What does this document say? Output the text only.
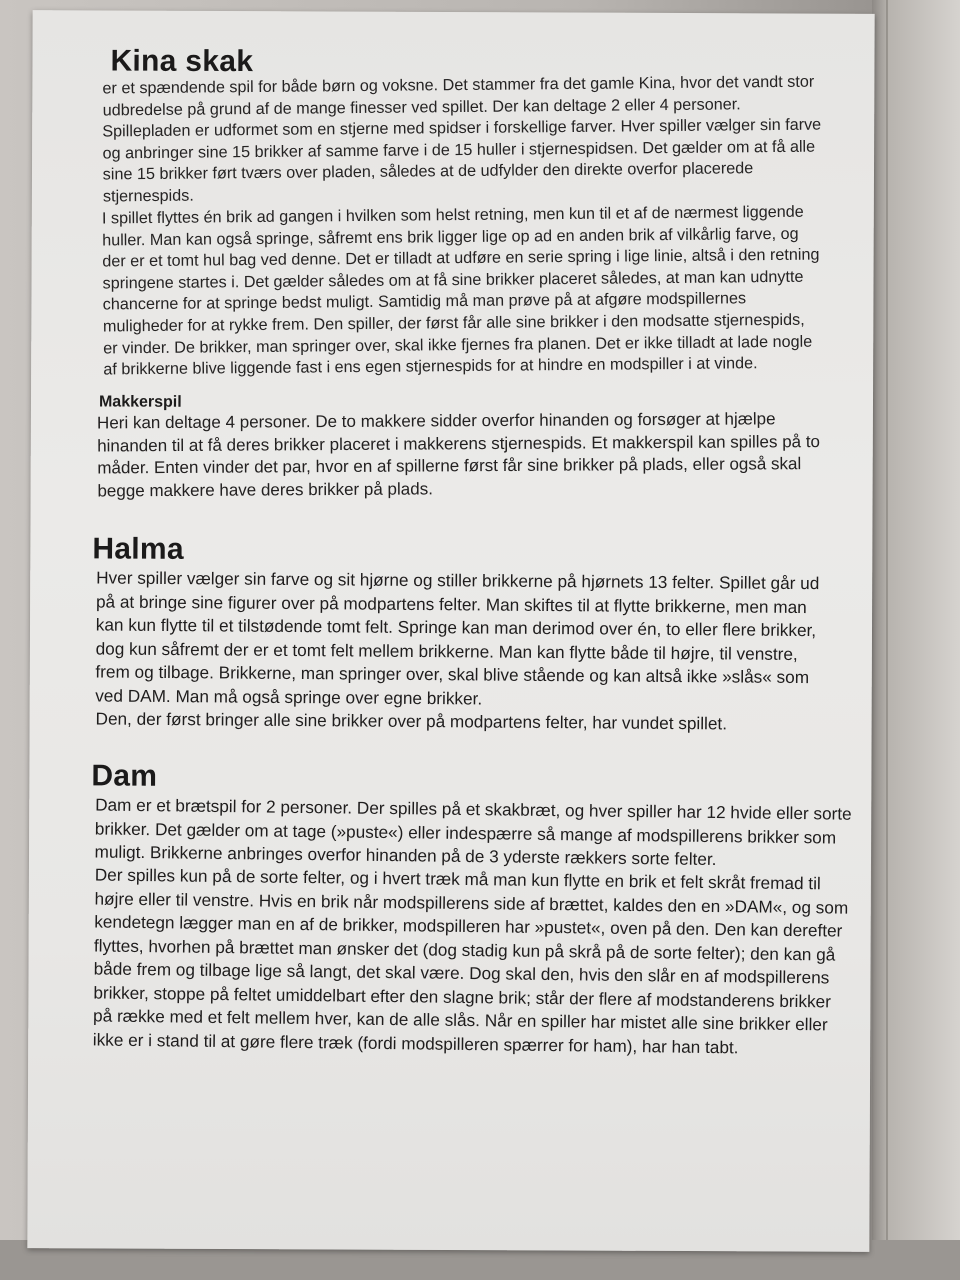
Kina skak

er et spændende spil for både børn og voksne. Det stammer fra det gamle Kina, hvor det vandt stor udbredelse på grund af de mange finesser ved spillet. Der kan deltage 2 eller 4 personer.

Spillepladen er udformet som en stjerne med spidser i forskellige farver. Hver spiller vælger sin farve og anbringer sine 15 brikker af samme farve i de 15 huller i stjernespidsen. Det gælder om at få alle sine 15 brikker ført tværs over pladen, således at de udfylder den direkte overfor placerede stjernespids.

I spillet flyttes én brik ad gangen i hvilken som helst retning, men kun til et af de nærmest liggende huller. Man kan også springe, såfremt ens brik ligger lige op ad en anden brik af vilkårlig farve, og der er et tomt hul bag ved denne. Det er tilladt at udføre en serie spring i lige linie, altså i den retning springene startes i. Det gælder således om at få sine brikker placeret således, at man kan udnytte chancerne for at springe bedst muligt. Samtidig må man prøve på at afgøre modspillernes muligheder for at rykke frem. Den spiller, der først får alle sine brikker i den modsatte stjernespids, er vinder. De brikker, man springer over, skal ikke fjernes fra planen. Det er ikke tilladt at lade nogle af brikkerne blive liggende fast i ens egen stjernespids for at hindre en modspiller i at vinde.

Makkerspil

Heri kan deltage 4 personer. De to makkere sidder overfor hinanden og forsøger at hjælpe hinanden til at få deres brikker placeret i makkerens stjernespids. Et makkerspil kan spilles på to måder. Enten vinder det par, hvor en af spillerne først får sine brikker på plads, eller også skal begge makkere have deres brikker på plads.

Halma

Hver spiller vælger sin farve og sit hjørne og stiller brikkerne på hjørnets 13 felter. Spillet går ud på at bringe sine figurer over på modpartens felter. Man skiftes til at flytte brikkerne, men man kan kun flytte til et tilstødende tomt felt. Springe kan man derimod over én, to eller flere brikker, dog kun såfremt der er et tomt felt mellem brikkerne. Man kan flytte både til højre, til venstre, frem og tilbage. Brikkerne, man springer over, skal blive stående og kan altså ikke »slås« som ved DAM. Man må også springe over egne brikker.

Den, der først bringer alle sine brikker over på modpartens felter, har vundet spillet.

Dam

Dam er et brætspil for 2 personer. Der spilles på et skakbræt, og hver spiller har 12 hvide eller sorte brikker. Det gælder om at tage (»puste«) eller indespærre så mange af modspillerens brikker som muligt. Brikkerne anbringes overfor hinanden på de 3 yderste rækkers sorte felter.

Der spilles kun på de sorte felter, og i hvert træk må man kun flytte en brik et felt skråt fremad til højre eller til venstre. Hvis en brik når modspillerens side af brættet, kaldes den en »DAM«, og som kendetegn lægger man en af de brikker, modspilleren har »pustet«, oven på den. Den kan derefter flyttes, hvorhen på brættet man ønsker det (dog stadig kun på skrå på de sorte felter); den kan gå både frem og tilbage lige så langt, det skal være. Dog skal den, hvis den slår en af modspillerens brikker, stoppe på feltet umiddelbart efter den slagne brik; står der flere af modstanderens brikker på række med et felt mellem hver, kan de alle slås. Når en spiller har mistet alle sine brikker eller ikke er i stand til at gøre flere træk (fordi modspilleren spærrer for ham), har han tabt.
